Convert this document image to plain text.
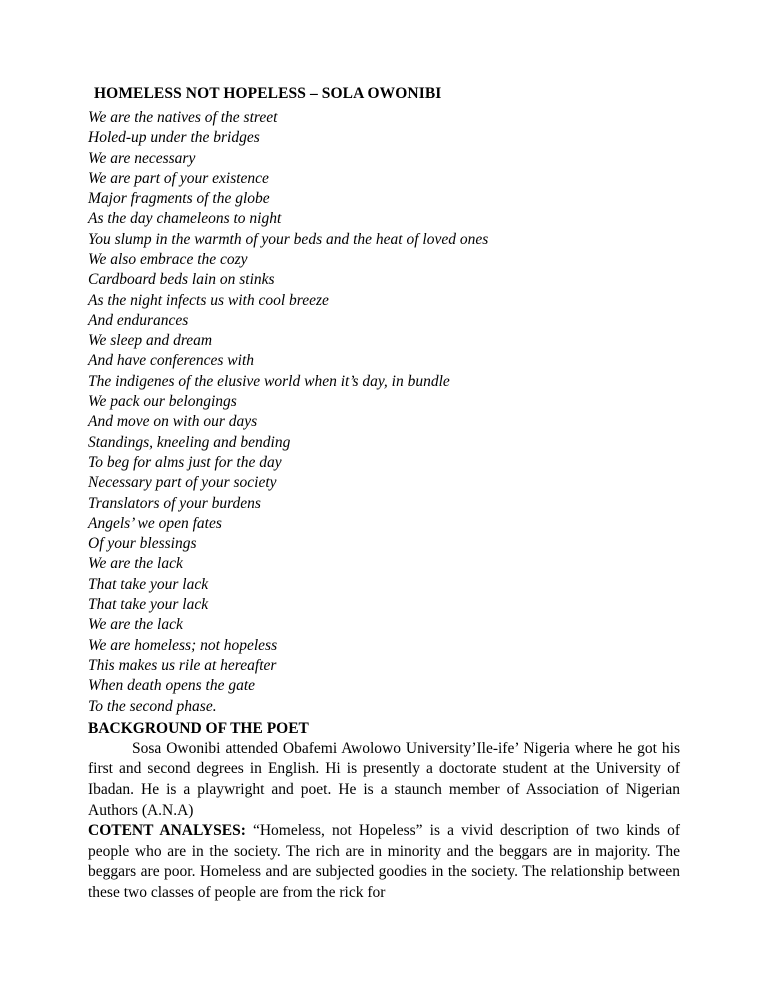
HOMELESS NOT HOPELESS – SOLA OWONIBI
We are the natives of the street
Holed-up under the bridges
We are necessary
We are part of your existence
Major fragments of the globe
As the day chameleons to night
You slump in the warmth of your beds and the heat of loved ones
We also embrace the cozy
Cardboard beds lain on stinks
As the night infects us with cool breeze
And endurances
We sleep and dream
And have conferences with
The indigenes of the elusive world when it’s day, in bundle
We pack our belongings
And move on with our days
Standings, kneeling and bending
To beg for alms just for the day
Necessary part of your society
Translators of your burdens
Angels’ we open fates
Of your blessings
We are the lack
That take your lack
That take your lack
We are the lack
We are homeless; not hopeless
This makes us rile at hereafter
When death opens the gate
To the second phase.
BACKGROUND OF THE POET

Sosa Owonibi attended Obafemi Awolowo University’Ile-ife’ Nigeria where he got his first and second degrees in English. Hi is presently a doctorate student at the University of Ibadan. He is a playwright and poet. He is a staunch member of Association of Nigerian Authors (A.N.A)

COTENT ANALYSES: “Homeless, not Hopeless” is a vivid description of two kinds of people who are in the society. The rich are in minority and the beggars are in majority. The beggars are poor. Homeless and are subjected goodies in the society. The relationship between these two classes of people are from the rick for
